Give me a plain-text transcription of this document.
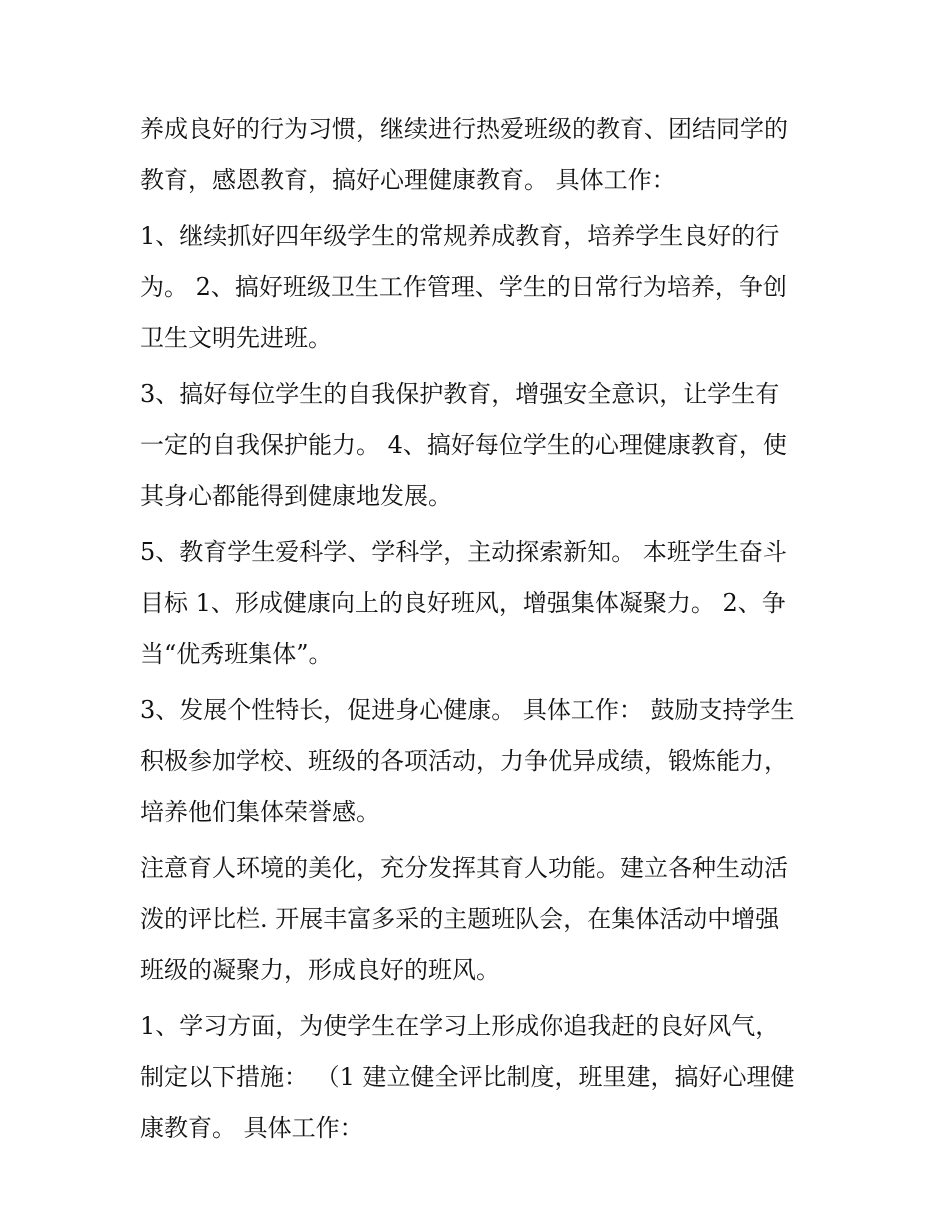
养成良好的行为习惯，继续进行热爱班级的教育、团结同学的
教育，感恩教育，搞好心理健康教育。 具体工作：

1、继续抓好四年级学生的常规养成教育，培养学生良好的行
为。 2、搞好班级卫生工作管理、学生的日常行为培养，争创
卫生文明先进班。

3、搞好每位学生的自我保护教育，增强安全意识，让学生有
一定的自我保护能力。 4、搞好每位学生的心理健康教育，使
其身心都能得到健康地发展。

5、教育学生爱科学、学科学，主动探索新知。 本班学生奋斗
目标 1、形成健康向上的良好班风，增强集体凝聚力。 2、争
当“优秀班集体”。

3、发展个性特长，促进身心健康。 具体工作： 鼓励支持学生
积极参加学校、班级的各项活动，力争优异成绩，锻炼能力，
培养他们集体荣誉感。

注意育人环境的美化，充分发挥其育人功能。建立各种生动活
泼的评比栏. 开展丰富多采的主题班队会，在集体活动中增强
班级的凝聚力，形成良好的班风。

1、学习方面，为使学生在学习上形成你追我赶的良好风气，
制定以下措施： （1 建立健全评比制度，班里建，搞好心理健
康教育。 具体工作：
